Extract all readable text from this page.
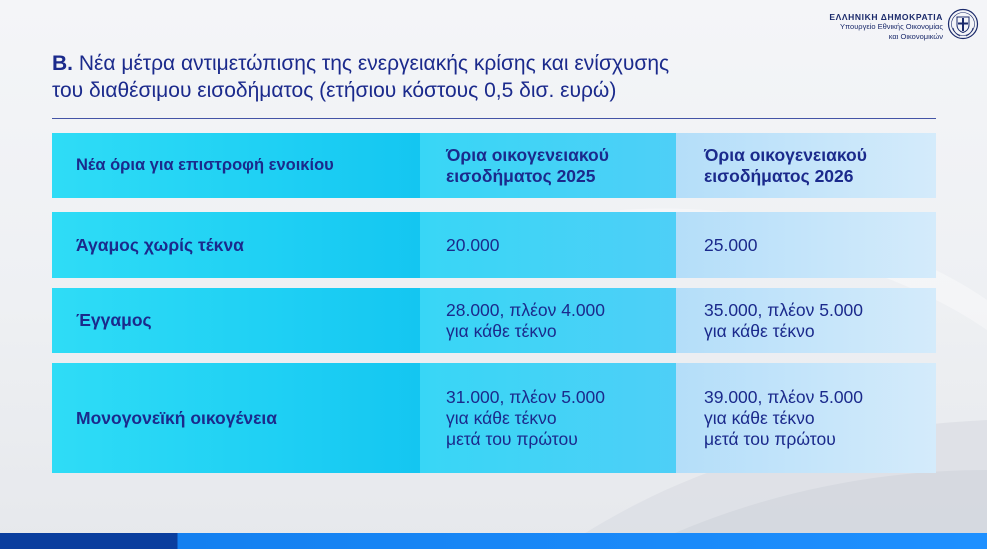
ΕΛΛΗΝΙΚΗ ΔΗΜΟΚΡΑΤΙΑ
Υπουργείο Εθνικής Οικονομίας
και Οικονομικών
B. Νέα μέτρα αντιμετώπισης της ενεργειακής κρίσης και ενίσχυσης
του διαθέσιμου εισοδήματος (ετήσιου κόστους 0,5 δισ. ευρώ)
Νέα όρια για επιστροφή ενοικίου
Όρια οικογενειακού
εισοδήματος 2025
Όρια οικογενειακού
εισοδήματος 2026
Άγαμος χωρίς τέκνα	20.000	25.000
Έγγαμος
28.000, πλέον 4.000
για κάθε τέκνο
35.000, πλέον 5.000
για κάθε τέκνο
Μονογονεϊκή οικογένεια
31.000, πλέον 5.000
για κάθε τέκνο
μετά του πρώτου
39.000, πλέον 5.000
για κάθε τέκνο
μετά του πρώτου
